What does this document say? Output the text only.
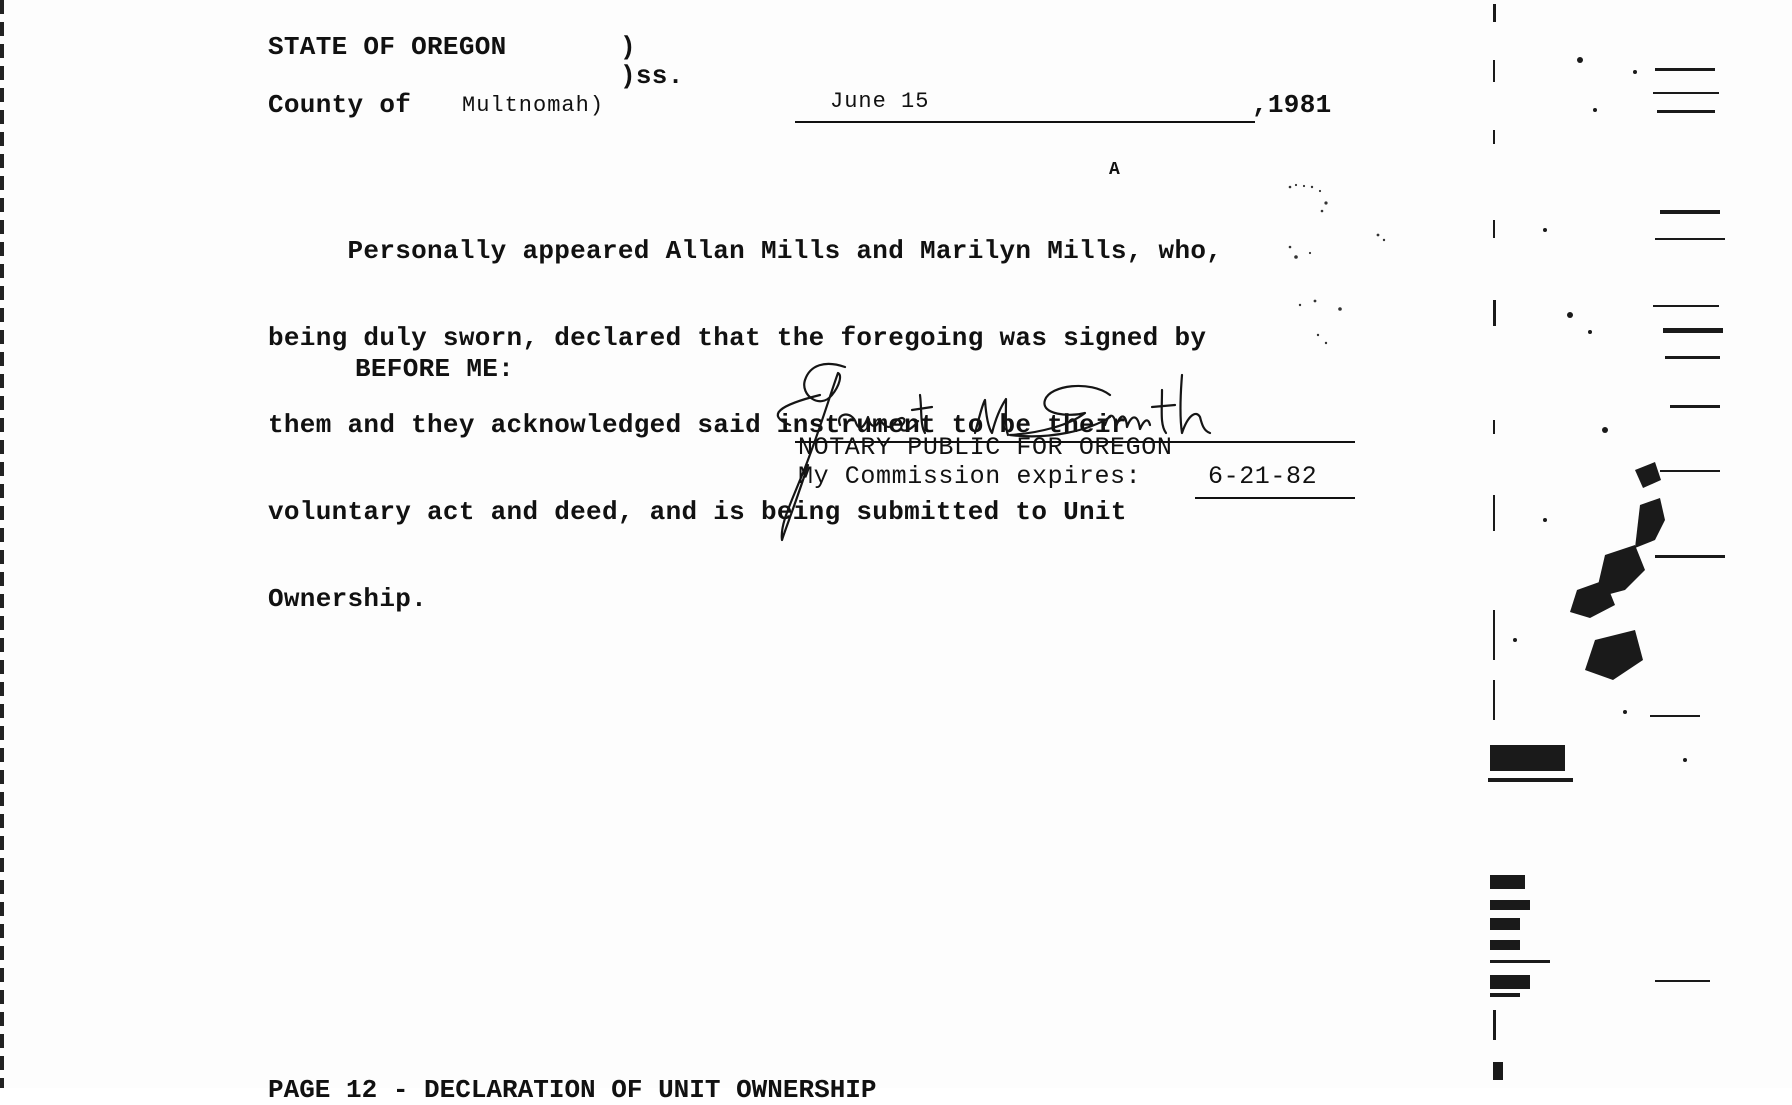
STATE OF OREGON	)
)ss.
County of Multnomah)	June 15	,1981
A

Personally appeared Allan Mills and Marilyn Mills, who,

being duly sworn, declared that the foregoing was signed by

them and they acknowledged said instrument to be their

voluntary act and deed, and is being submitted to Unit

Ownership.

BEFORE ME:
NOTARY PUBLIC FOR OREGON
My Commission expires:	6-21-82
PAGE 12 - DECLARATION OF UNIT OWNERSHIP
